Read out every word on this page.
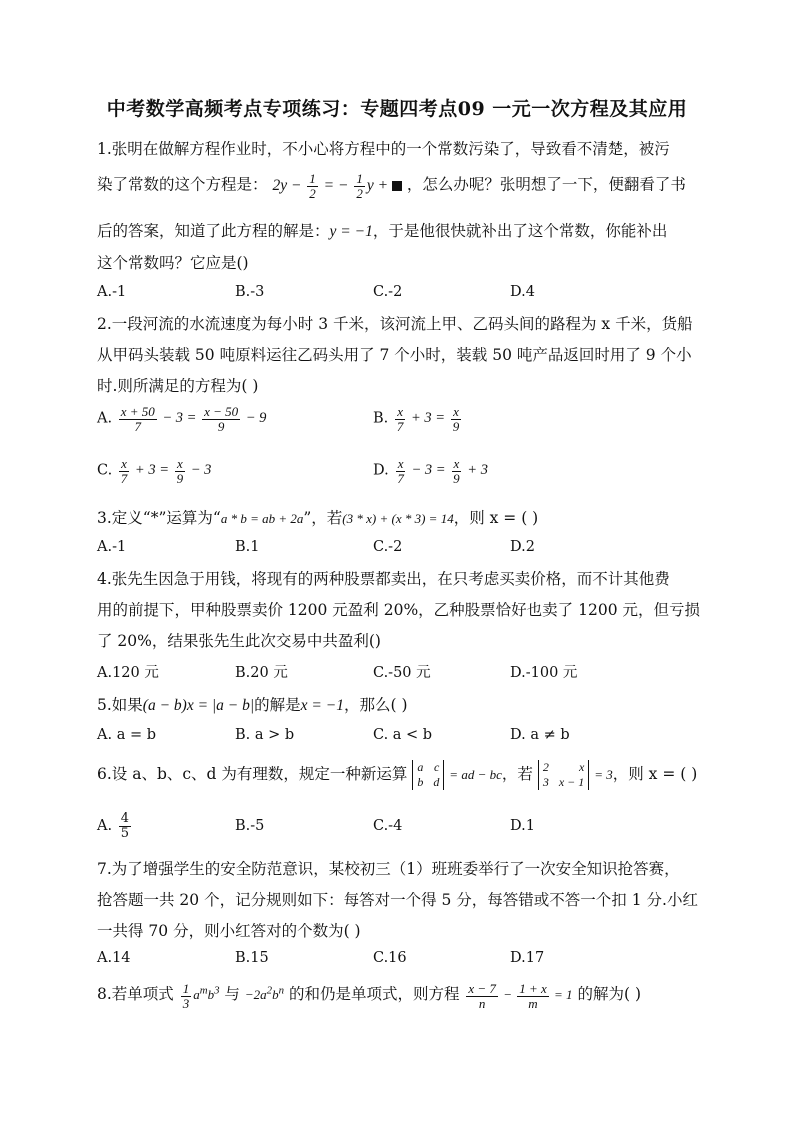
中考数学高频考点专项练习：专题四考点09 一元一次方程及其应用
1.张明在做解方程作业时，不小心将方程中的一个常数污染了，导致看不清楚，被污
染了常数的这个方程是： $2y - \frac{1}{2}$ = − $\frac{1}{2}$ y +  ，怎么办呢？张明想了一下，便翻看了书
后的答案，知道了此方程的解是：y = −1，于是他很快就补出了这个常数，你能补出
这个常数吗？它应是()
A.-1	B.-3	C.-2	D.4
2.一段河流的水流速度为每小时 3 千米，该河流上甲、乙码头间的路程为 x 千米，货船
从甲码头装载 50 吨原料运往乙码头用了 7 个小时，装载 50 吨产品返回时用了 9 个小
时.则所满足的方程为( )
A. $\frac{x + 50}{7} - 3 = \frac{x - 50}{9} - 9$	B. $\frac{x}{7} + 3 = \frac{x}{9}$
C. $\frac{x}{7} + 3 = \frac{x}{9} - 3$	D. $\frac{x}{7} - 3 = \frac{x}{9} + 3$
3.定义“*”运算为“a * b = ab + 2a”，若(3 * x) + (x * 3) = 14，则 x = ( )
A.-1	B.1	C.-2	D.2
4.张先生因急于用钱，将现有的两种股票都卖出，在只考虑买卖价格，而不计其他费
用的前提下，甲种股票卖价 1200 元盈利 20%，乙种股票恰好也卖了 1200 元，但亏损
了 20%，结果张先生此次交易中共盈利()
A.120 元	B.20 元	C.-50 元	D.-100 元
5.如果(a − b)x = |a − b|的解是x = −1，那么( )
A. a = b	B. a > b	C. a < b	D. a ≠ b
6.设 a、b、c、d 为有理数，规定一种新运算 a c
b d = ad − bc，若 2	x
3 x − 1 = 3，则 x = ( )
A. $\frac{4}{5}$	B.-5	C.-4	D.1
7.为了增强学生的安全防范意识，某校初三（1）班班委举行了一次安全知识抢答赛，
抢答题一共 20 个，记分规则如下：每答对一个得 5 分，每答错或不答一个扣 1 分.小红
一共得 70 分，则小红答对的个数为( )
A.14	B.15	C.16	D.17
8.若单项式 $\frac{1}{3} a^mb^3$ 与 $-2a^2b^n$ 的和仍是单项式，则方程 $\frac{x - 7}{n} - \frac{1 + x}{m} = 1$ 的解为( )
